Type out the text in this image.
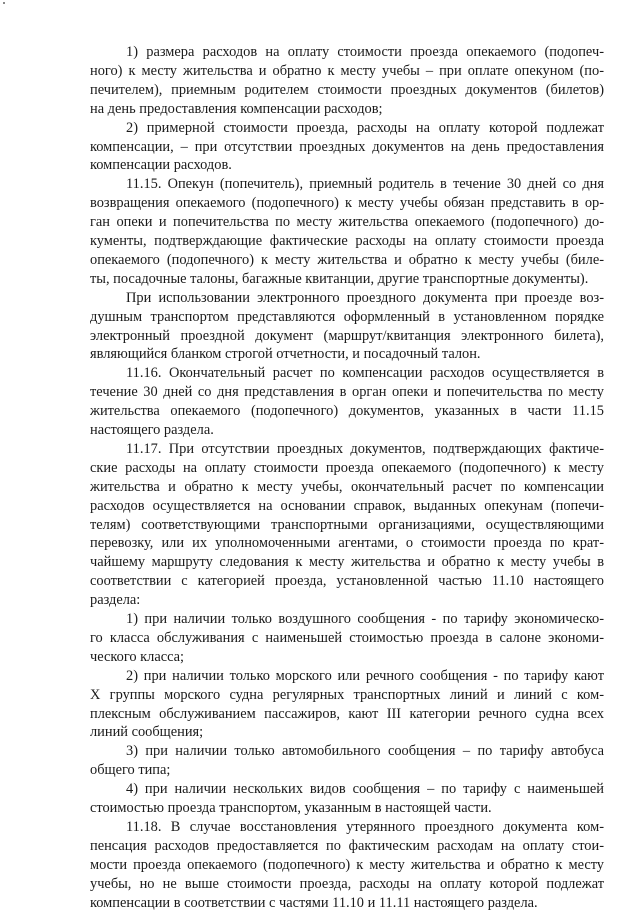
1) размера расходов на оплату стоимости проезда опекаемого (подопеч-
ного) к месту жительства и обратно к месту учебы – при оплате опекуном (по-
печителем), приемным родителем стоимости проездных документов (билетов)
на день предоставления компенсации расходов;
2) примерной стоимости проезда, расходы на оплату которой подлежат
компенсации, – при отсутствии проездных документов на день предоставления
компенсации расходов.
11.15. Опекун (попечитель), приемный родитель в течение 30 дней со дня
возвращения опекаемого (подопечного) к месту учебы обязан представить в ор-
ган опеки и попечительства по месту жительства опекаемого (подопечного) до-
кументы, подтверждающие фактические расходы на оплату стоимости проезда
опекаемого (подопечного) к месту жительства и обратно к месту учебы (биле-
ты, посадочные талоны, багажные квитанции, другие транспортные документы).
При использовании электронного проездного документа при проезде воз-
душным транспортом представляются оформленный в установленном порядке
электронный проездной документ (маршрут/квитанция электронного билета),
являющийся бланком строгой отчетности, и посадочный талон.
11.16. Окончательный расчет по компенсации расходов осуществляется в
течение 30 дней со дня представления в орган опеки и попечительства по месту
жительства опекаемого (подопечного) документов, указанных в части 11.15
настоящего раздела.
11.17. При отсутствии проездных документов, подтверждающих фактиче-
ские расходы на оплату стоимости проезда опекаемого (подопечного) к месту
жительства и обратно к месту учебы, окончательный расчет по компенсации
расходов осуществляется на основании справок, выданных опекунам (попечи-
телям) соответствующими транспортными организациями, осуществляющими
перевозку, или их уполномоченными агентами, о стоимости проезда по крат-
чайшему маршруту следования к месту жительства и обратно к месту учебы в
соответствии с категорией проезда, установленной частью 11.10 настоящего
раздела:
1) при наличии только воздушного сообщения - по тарифу экономическо-
го класса обслуживания с наименьшей стоимостью проезда в салоне экономи-
ческого класса;
2) при наличии только морского или речного сообщения - по тарифу кают
X группы морского судна регулярных транспортных линий и линий с ком-
плексным обслуживанием пассажиров, кают III категории речного судна всех
линий сообщения;
3) при наличии только автомобильного сообщения – по тарифу автобуса
общего типа;
4) при наличии нескольких видов сообщения – по тарифу с наименьшей
стоимостью проезда транспортом, указанным в настоящей части.
11.18. В случае восстановления утерянного проездного документа ком-
пенсация расходов предоставляется по фактическим расходам на оплату стои-
мости проезда опекаемого (подопечного) к месту жительства и обратно к месту
учебы, но не выше стоимости проезда, расходы на оплату которой подлежат
компенсации в соответствии с частями 11.10 и 11.11 настоящего раздела.
